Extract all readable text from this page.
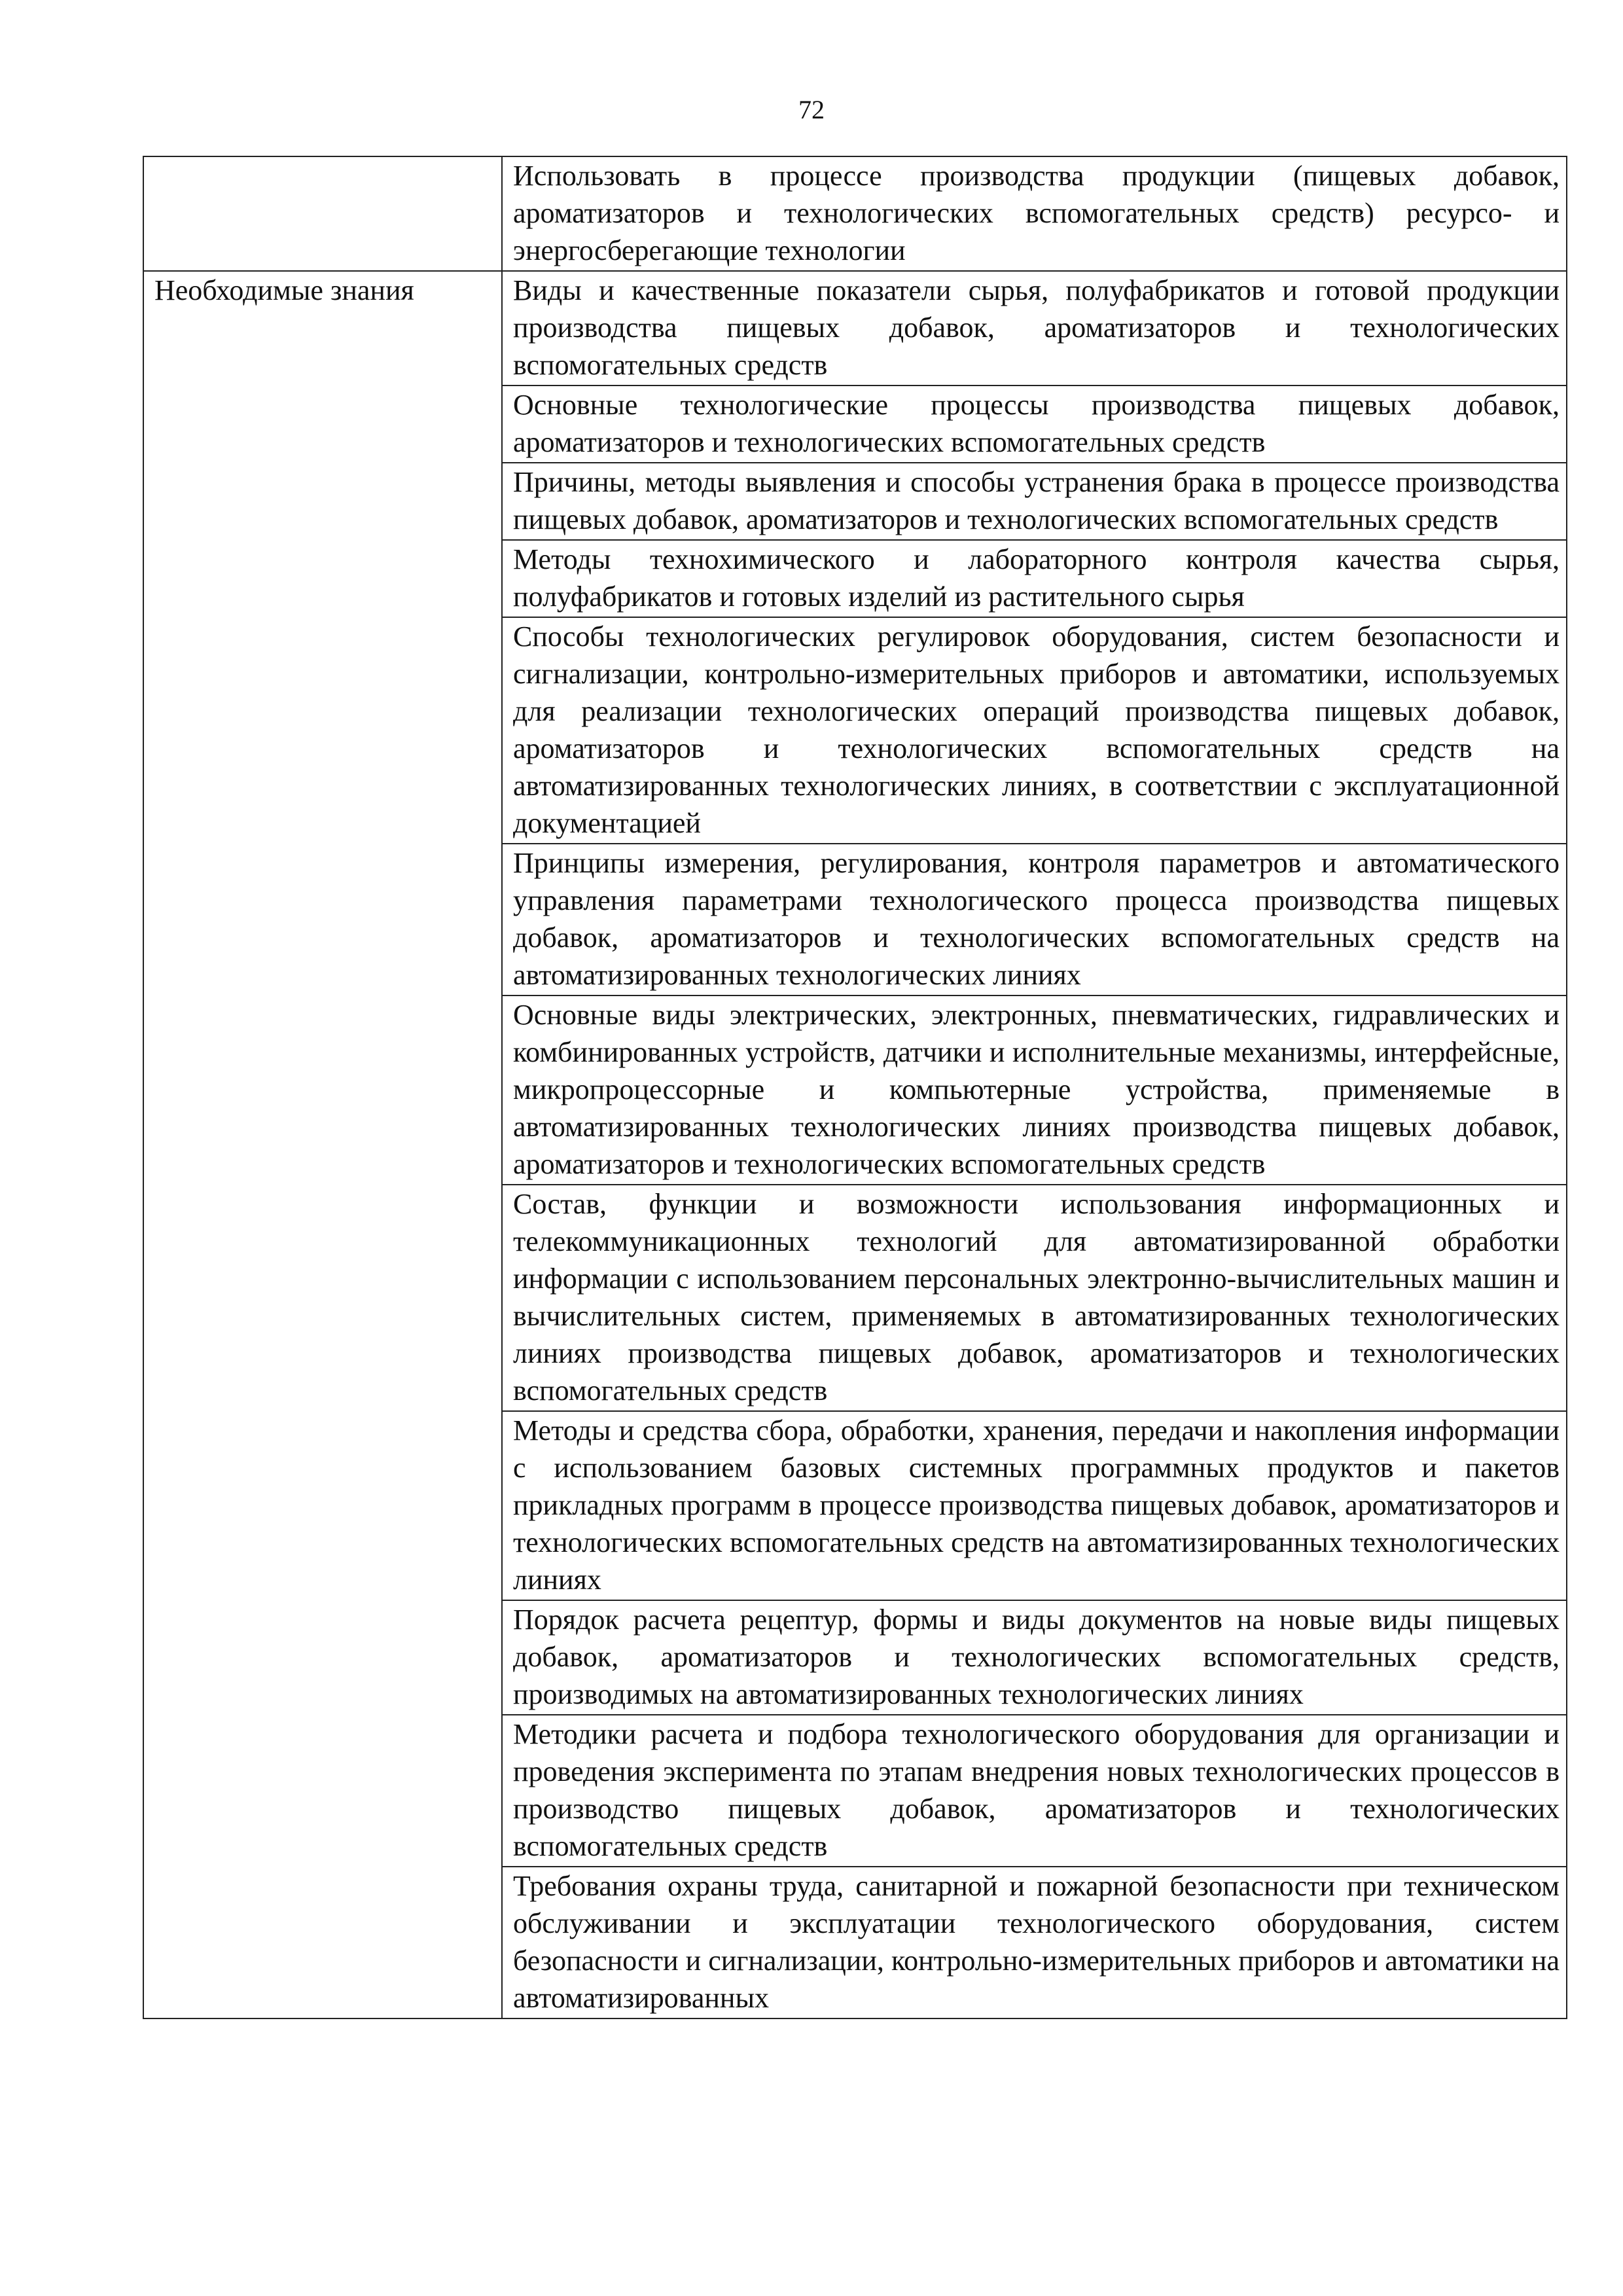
72
	Использовать в процессе производства продукции (пищевых добавок, ароматизаторов и технологических вспомогательных средств) ресурсо- и энергосберегающие технологии
Необходимые знания	Виды и качественные показатели сырья, полуфабрикатов и готовой продукции производства пищевых добавок, ароматизаторов и технологических вспомогательных средств
	Основные технологические процессы производства пищевых добавок, ароматизаторов и технологических вспомогательных средств
	Причины, методы выявления и способы устранения брака в процессе производства пищевых добавок, ароматизаторов и технологических вспомогательных средств
	Методы технохимического и лабораторного контроля качества сырья, полуфабрикатов и готовых изделий из растительного сырья
	Способы технологических регулировок оборудования, систем безопасности и сигнализации, контрольно-измерительных приборов и автоматики, используемых для реализации технологических операций производства пищевых добавок, ароматизаторов и технологических вспомогательных средств на автоматизированных технологических линиях, в соответствии с эксплуатационной документацией
	Принципы измерения, регулирования, контроля параметров и автоматического управления параметрами технологического процесса производства пищевых добавок, ароматизаторов и технологических вспомогательных средств на автоматизированных технологических линиях
	Основные виды электрических, электронных, пневматических, гидравлических и комбинированных устройств, датчики и исполнительные механизмы, интерфейсные, микропроцессорные и компьютерные устройства, применяемые в автоматизированных технологических линиях производства пищевых добавок, ароматизаторов и технологических вспомогательных средств
	Состав, функции и возможности использования информационных и телекоммуникационных технологий для автоматизированной обработки информации с использованием персональных электронно-вычислительных машин и вычислительных систем, применяемых в автоматизированных технологических линиях производства пищевых добавок, ароматизаторов и технологических вспомогательных средств
	Методы и средства сбора, обработки, хранения, передачи и накопления информации с использованием базовых системных программных продуктов и пакетов прикладных программ в процессе производства пищевых добавок, ароматизаторов и технологических вспомогательных средств на автоматизированных технологических линиях
	Порядок расчета рецептур, формы и виды документов на новые виды пищевых добавок, ароматизаторов и технологических вспомогательных средств, производимых на автоматизированных технологических линиях
	Методики расчета и подбора технологического оборудования для организации и проведения эксперимента по этапам внедрения новых технологических процессов в производство пищевых добавок, ароматизаторов и технологических вспомогательных средств
	Требования охраны труда, санитарной и пожарной безопасности при техническом обслуживании и эксплуатации технологического оборудования, систем безопасности и сигнализации, контрольно-измерительных приборов и автоматики на автоматизированных
